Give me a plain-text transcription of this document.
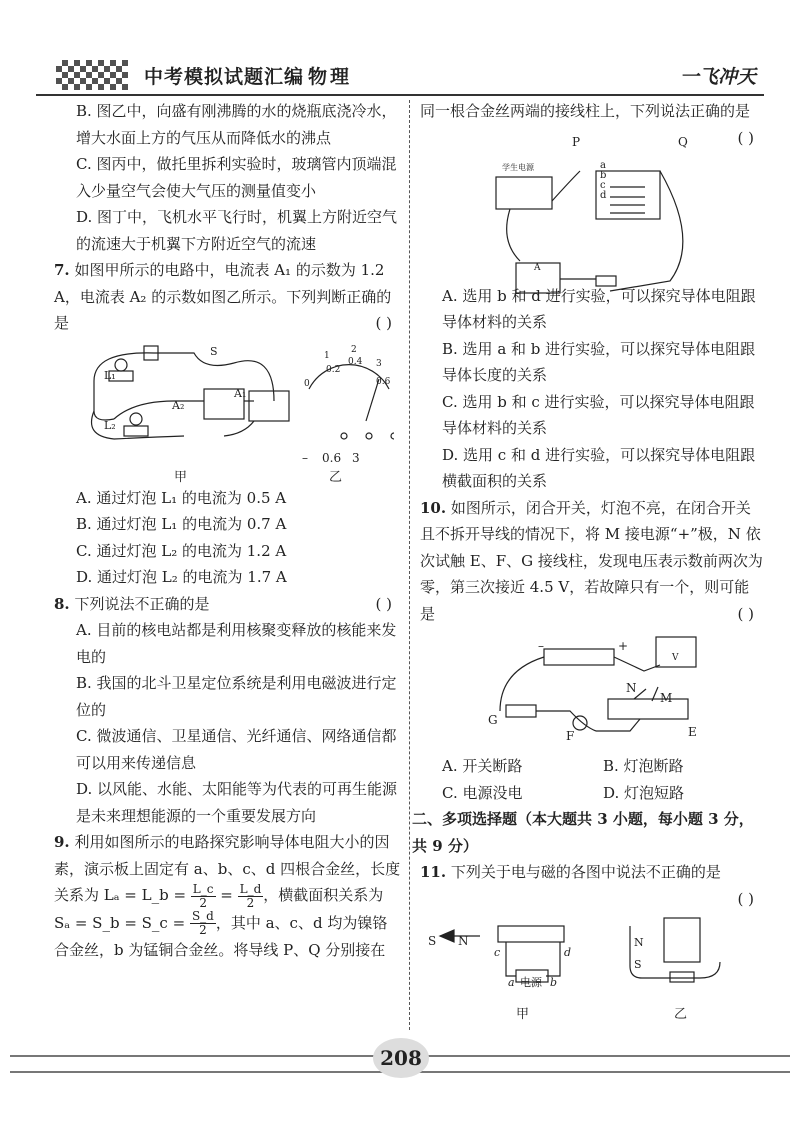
中考模拟试题汇编 物理	一飞冲天

B. 图乙中，向盛有刚沸腾的水的烧瓶底浇冷水，增大水面上方的气压从而降低水的沸点

C. 图丙中，做托里拆利实验时，玻璃管内顶端混入少量空气会使大气压的测量值变小

D. 图丁中，飞机水平飞行时，机翼上方附近空气的流速大于机翼下方附近空气的流速

7. 如图甲所示的电路中，电流表 A₁ 的示数为 1.2 A，电流表 A₂ 的示数如图乙所示。下列判断正确的是	( )

S
L₁
L₂
A₂
A₁
0
0.2
0.4
0.6
1
2
3
– 0.6 3
甲	乙

A. 通过灯泡 L₁ 的电流为 0.5 A

B. 通过灯泡 L₁ 的电流为 0.7 A

C. 通过灯泡 L₂ 的电流为 1.2 A

D. 通过灯泡 L₂ 的电流为 1.7 A

8. 下列说法不正确的是	( )

A. 目前的核电站都是利用核聚变释放的核能来发电的

B. 我国的北斗卫星定位系统是利用电磁波进行定位的

C. 微波通信、卫星通信、光纤通信、网络通信都可以用来传递信息

D. 以风能、水能、太阳能等为代表的可再生能源是未来理想能源的一个重要发展方向

9. 利用如图所示的电路探究影响导体电阻大小的因素，演示板上固定有 a、b、c、d 四根合金丝，长度关系为 Lₐ = L_b = $\frac{L\_c}{2} = \frac{L\_d}{2}$ ，横截面积关系为 Sₐ = S_b = S_c = $\frac{S\_d}{2}$ ，其中 a、c、d 均为镍铬合金丝，b 为锰铜合金丝。将导线 P、Q 分别接在

同一根合金丝两端的接线柱上，下列说法正确的是
( )

P	Q
学生电源	a
b
c
d
A

A. 选用 b 和 d 进行实验，可以探究导体电阻跟导体材料的关系

B. 选用 a 和 b 进行实验，可以探究导体电阻跟导体长度的关系

C. 选用 b 和 c 进行实验，可以探究导体电阻跟导体材料的关系

D. 选用 c 和 d 进行实验，可以探究导体电阻跟横截面积的关系

10. 如图所示，闭合开关，灯泡不亮，在闭合开关且不拆开导线的情况下，将 M 接电源“+”极，N 依次试触 E、F、G 接线柱，发现电压表示数前两次为零，第三次接近 4.5 V，若故障只有一个，则可能是	( )

–	+
V
N
M
G
F	E
A. 开关断路	B. 灯泡断路
C. 电源没电	D. 灯泡短路

二、多项选择题（本大题共 3 小题，每小题 3 分，共 9 分）

11. 下列关于电与磁的各图中说法不正确的是

( )

S N
c	d
a	b
电源
N
S
甲	乙
208
